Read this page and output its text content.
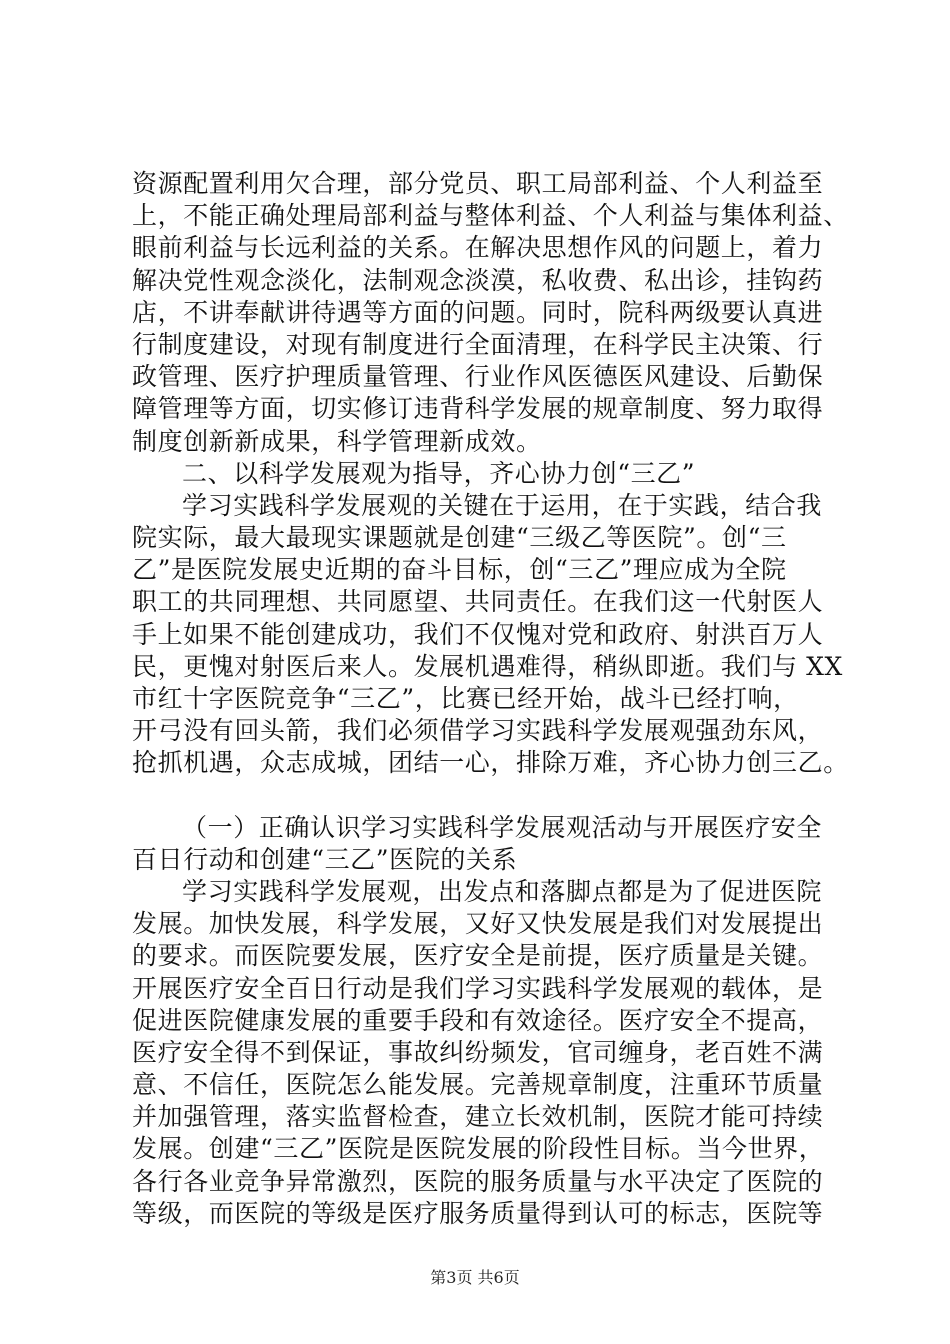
资源配置利用欠合理，部分党员、职工局部利益、个人利益至
上，不能正确处理局部利益与整体利益、个人利益与集体利益、
眼前利益与长远利益的关系。在解决思想作风的问题上，着力
解决党性观念淡化，法制观念淡漠，私收费、私出诊，挂钩药
店，不讲奉献讲待遇等方面的问题。同时，院科两级要认真进
行制度建设，对现有制度进行全面清理，在科学民主决策、行
政管理、医疗护理质量管理、行业作风医德医风建设、后勤保
障管理等方面，切实修订违背科学发展的规章制度、努力取得
制度创新新成果，科学管理新成效。
二、以科学发展观为指导，齐心协力创“三乙”
学习实践科学发展观的关键在于运用，在于实践，结合我
院实际，最大最现实课题就是创建“三级乙等医院”。创“三
乙”是医院发展史近期的奋斗目标，创“三乙”理应成为全院
职工的共同理想、共同愿望、共同责任。在我们这一代射医人
手上如果不能创建成功，我们不仅愧对党和政府、射洪百万人
民，更愧对射医后来人。发展机遇难得，稍纵即逝。我们与 XX
市红十字医院竞争“三乙”，比赛已经开始，战斗已经打响，
开弓没有回头箭，我们必须借学习实践科学发展观强劲东风，
抢抓机遇，众志成城，团结一心，排除万难，齐心协力创三乙。
（一）正确认识学习实践科学发展观活动与开展医疗安全
百日行动和创建“三乙”医院的关系
学习实践科学发展观，出发点和落脚点都是为了促进医院
发展。加快发展，科学发展，又好又快发展是我们对发展提出
的要求。而医院要发展，医疗安全是前提，医疗质量是关键。
开展医疗安全百日行动是我们学习实践科学发展观的载体，是
促进医院健康发展的重要手段和有效途径。医疗安全不提高，
医疗安全得不到保证，事故纠纷频发，官司缠身，老百姓不满
意、不信任，医院怎么能发展。完善规章制度，注重环节质量
并加强管理，落实监督检查，建立长效机制，医院才能可持续
发展。创建“三乙”医院是医院发展的阶段性目标。当今世界，
各行各业竞争异常激烈，医院的服务质量与水平决定了医院的
等级，而医院的等级是医疗服务质量得到认可的标志，医院等
第3页 共6页
